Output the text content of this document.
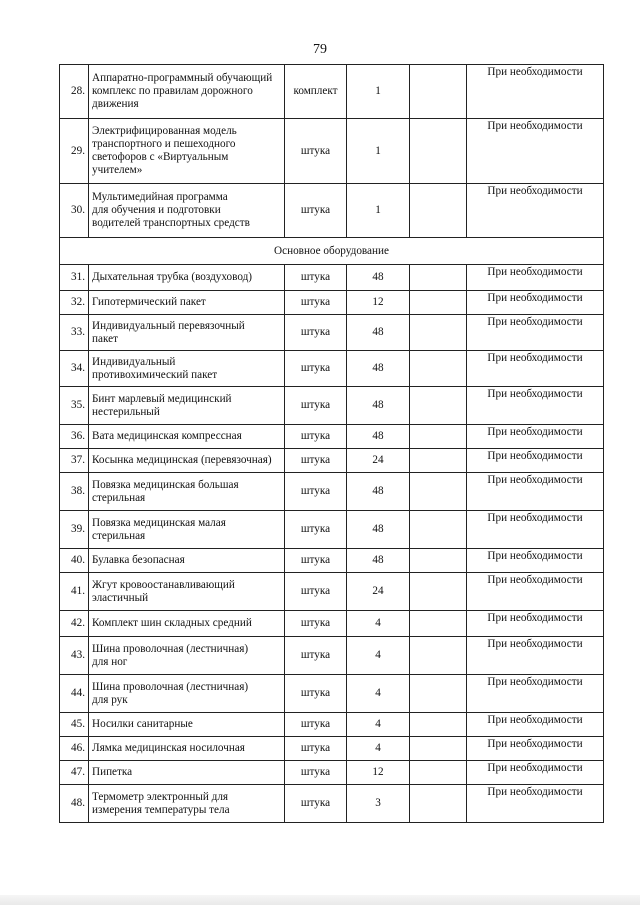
79
28.	Аппаратно-программный обучающий
комплекс по правилам дорожного
движения	комплект	1		При необходимости
29.	Электрифицированная модель
транспортного и пешеходного
светофоров с «Виртуальным
учителем»	штука	1		При необходимости
30.	Мультимедийная программа
для обучения и подготовки
водителей транспортных средств	штука	1		При необходимости
Основное оборудование					
31.	Дыхательная трубка (воздуховод)	штука	48		При необходимости
32.	Гипотермический пакет	штука	12		При необходимости
33.	Индивидуальный перевязочный
пакет	штука	48		При необходимости
34.	Индивидуальный
противохимический пакет	штука	48		При необходимости
35.	Бинт марлевый медицинский
нестерильный	штука	48		При необходимости
36.	Вата медицинская компрессная	штука	48		При необходимости
37.	Косынка медицинская (перевязочная)	штука	24		При необходимости
38.	Повязка медицинская большая
стерильная	штука	48		При необходимости
39.	Повязка медицинская малая
стерильная	штука	48		При необходимости
40.	Булавка безопасная	штука	48		При необходимости
41.	Жгут кровоостанавливающий
эластичный	штука	24		При необходимости
42.	Комплект шин складных средний	штука	4		При необходимости
43.	Шина проволочная (лестничная)
для ног	штука	4		При необходимости
44.	Шина проволочная (лестничная)
для рук	штука	4		При необходимости
45.	Носилки санитарные	штука	4		При необходимости
46.	Лямка медицинская носилочная	штука	4		При необходимости
47.	Пипетка	штука	12		При необходимости
48.	Термометр электронный для
измерения температуры тела	штука	3		При необходимости
